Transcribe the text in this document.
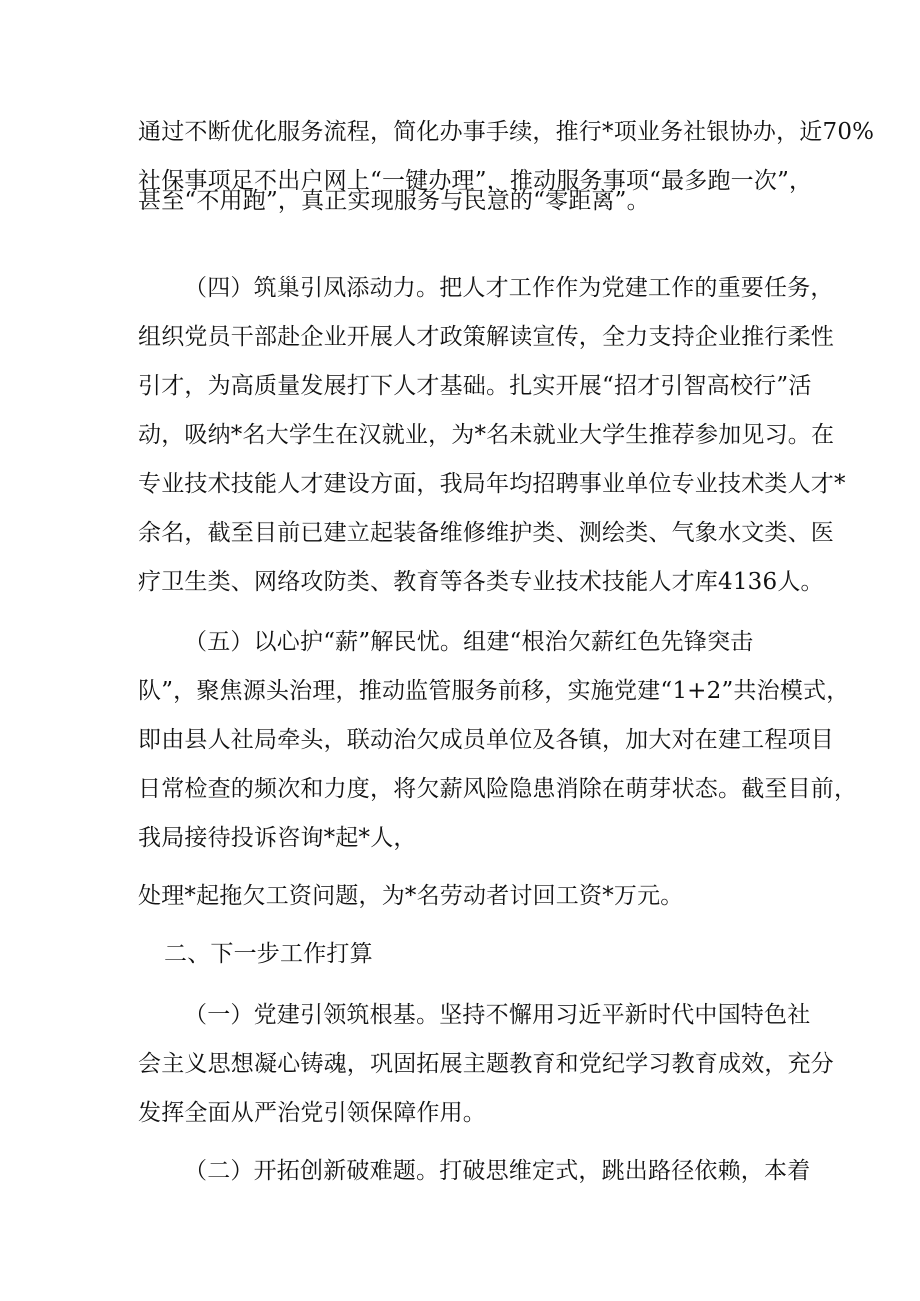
通过不断优化服务流程，简化办事手续，推行*项业务社银协办，近70%
社保事项足不出户网上“一键办理”，推动服务事项“最多跑一次”，
甚至“不用跑”，真正实现服务与民意的“零距离”。
（四）筑巢引凤添动力。把人才工作作为党建工作的重要任务，
组织党员干部赴企业开展人才政策解读宣传，全力支持企业推行柔性
引才，为高质量发展打下人才基础。扎实开展“招才引智高校行”活
动，吸纳*名大学生在汉就业，为*名未就业大学生推荐参加见习。在
专业技术技能人才建设方面，我局年均招聘事业单位专业技术类人才*
余名，截至目前已建立起装备维修维护类、测绘类、气象水文类、医
疗卫生类、网络攻防类、教育等各类专业技术技能人才库4136人。
（五）以心护“薪”解民忧。组建“根治欠薪红色先锋突击
队”，聚焦源头治理，推动监管服务前移，实施党建“1+2”共治模式，
即由县人社局牵头，联动治欠成员单位及各镇，加大对在建工程项目
日常检查的频次和力度，将欠薪风险隐患消除在萌芽状态。截至目前，
我局接待投诉咨询*起*人，
处理*起拖欠工资问题，为*名劳动者讨回工资*万元。
二、下一步工作打算
（一）党建引领筑根基。坚持不懈用习近平新时代中国特色社
会主义思想凝心铸魂，巩固拓展主题教育和党纪学习教育成效，充分
发挥全面从严治党引领保障作用。
（二）开拓创新破难题。打破思维定式，跳出路径依赖，本着
